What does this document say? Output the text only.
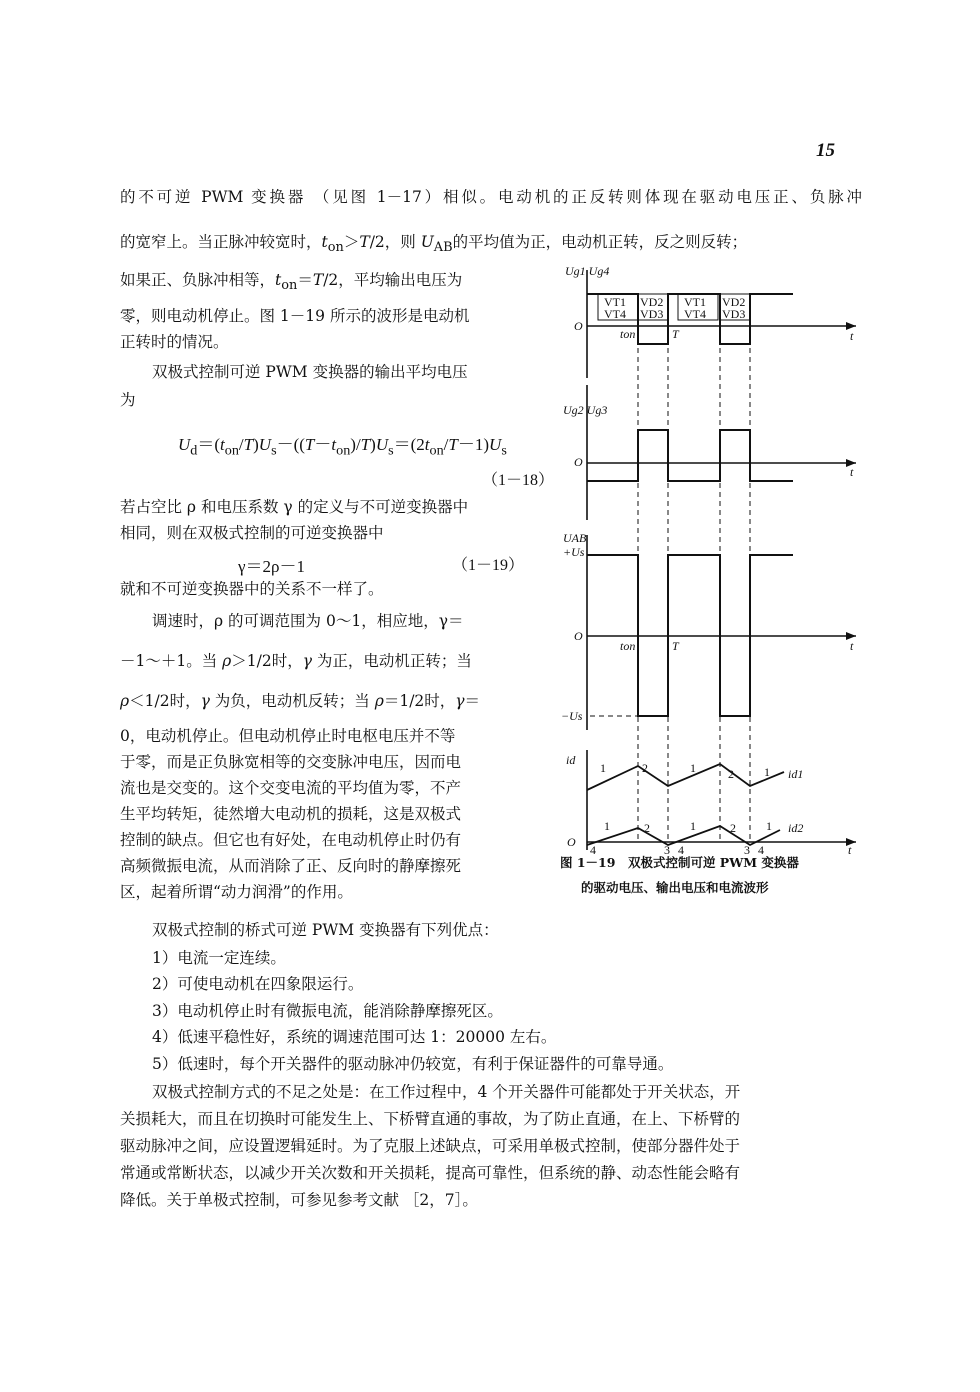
15
的不可逆 PWM 变换器 （见图 1－17）相似。电动机的正反转则体现在驱动电压正、负脉冲
的宽窄上。当正脉冲较宽时，$t_{on}>T/2$，则 $U_{AB}$的平均值为正，电动机正转，反之则反转；
如果正、负脉冲相等，$t_{on}=T/2$，平均输出电压为
零，则电动机停止。图 1－19 所示的波形是电动机
正转时的情况。
双极式控制可逆 PWM 变换器的输出平均电压
为
$U_d=(t_{on}/T)U_s-((T-t_{on})/T)U_s=(2t_{on}/T-1)U_s$
（1－18）
若占空比 ρ 和电压系数 γ 的定义与不可逆变换器中
相同，则在双极式控制的可逆变换器中
γ＝2ρ－1	（1－19）
就和不可逆变换器中的关系不一样了。
调速时，ρ 的可调范围为 0～1，相应地，γ＝
－1～＋1。当 ρ＞1/2时，γ 为正，电动机正转；当
ρ＜1/2时，γ 为负，电动机反转；当 ρ＝1/2时，γ＝
0，电动机停止。但电动机停止时电枢电压并不等
于零，而是正负脉宽相等的交变脉冲电压，因而电
流也是交变的。这个交变电流的平均值为零，不产
生平均转矩，徒然增大电动机的损耗，这是双极式
控制的缺点。但它也有好处，在电动机停止时仍有
高频微振电流，从而消除了正、反向时的静摩擦死
区，起着所谓“动力润滑”的作用。
Ug1 Ug4
VT1
VT4
VD2
VD3
VT1
VT4
VD2
VD3
O
ton	T	t
Ug2 Ug3
O
t
UAB
+Us
O
ton	T	t
−Us
id
1	2	1	2	1 id1
1	2	1	2	1 id2
O
4	3 4	3 4	t
图 1－19　双极式控制可逆 PWM 变换器
的驱动电压、输出电压和电流波形
双极式控制的桥式可逆 PWM 变换器有下列优点：
1）电流一定连续。
2）可使电动机在四象限运行。
3）电动机停止时有微振电流，能消除静摩擦死区。
4）低速平稳性好，系统的调速范围可达 1：20000 左右。
5）低速时，每个开关器件的驱动脉冲仍较宽，有利于保证器件的可靠导通。
双极式控制方式的不足之处是：在工作过程中，4 个开关器件可能都处于开关状态，开
关损耗大，而且在切换时可能发生上、下桥臂直通的事故，为了防止直通，在上、下桥臂的
驱动脉冲之间，应设置逻辑延时。为了克服上述缺点，可采用单极式控制，使部分器件处于
常通或常断状态，以减少开关次数和开关损耗，提高可靠性，但系统的静、动态性能会略有
降低。关于单极式控制，可参见参考文献 ［2，7］。
